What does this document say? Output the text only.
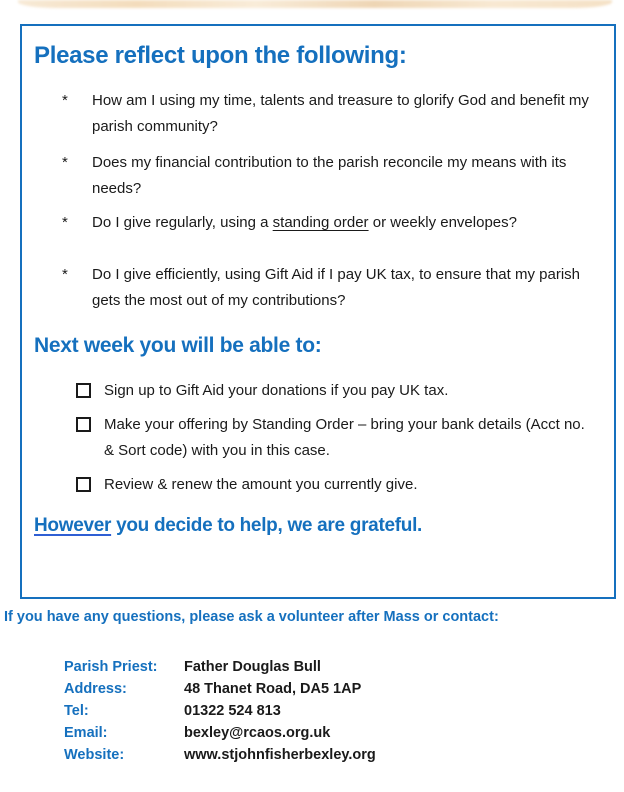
Please reflect upon the following:
*	How am I using my time, talents and treasure to glorify God and benefit my parish community?
*	Does my financial contribution to the parish reconcile my means with its needs?
*	Do I give regularly, using a standing order or weekly envelopes?
*	Do I give efficiently, using Gift Aid if I pay UK tax, to ensure that my parish gets the most out of my contributions?
Next week you will be able to:
Sign up to Gift Aid your donations if you pay UK tax.
Make your offering by Standing Order – bring your bank details (Acct no. & Sort code) with you in this case.
Review & renew the amount you currently give.
However you decide to help, we are grateful.
If you have any questions, please ask a volunteer after Mass or contact:
Parish Priest: Father Douglas Bull
Address:	48 Thanet Road, DA5 1AP
Tel:	01322 524 813
Email:	bexley@rcaos.org.uk
Website:	www.stjohnfisherbexley.org
